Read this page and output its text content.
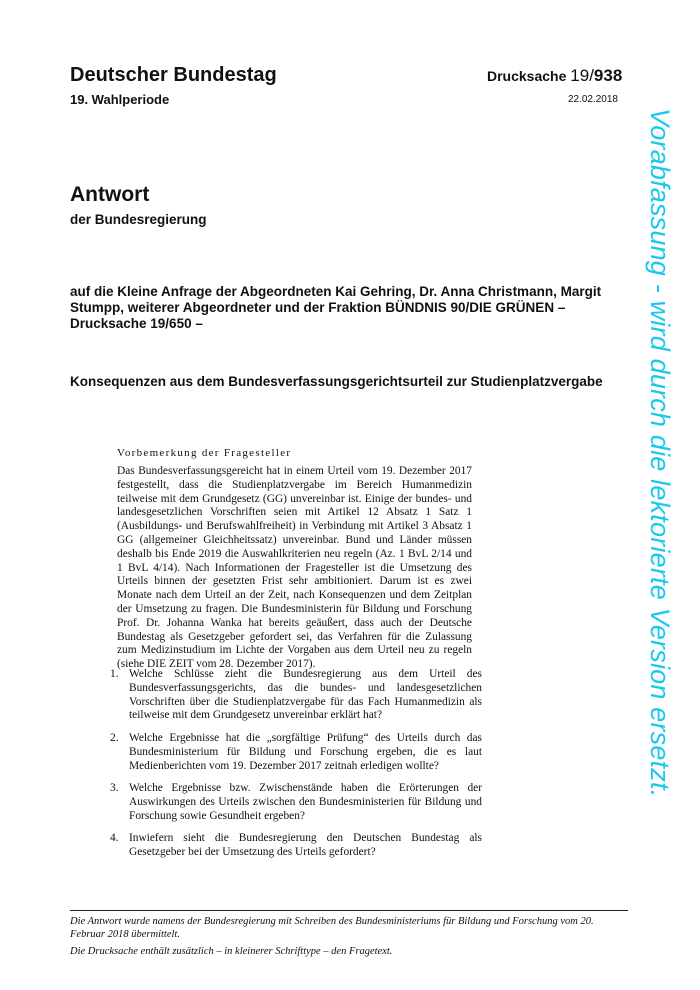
Deutscher Bundestag
19. Wahlperiode
Drucksache 19/938
22.02.2018
Antwort
der Bundesregierung
auf die Kleine Anfrage der Abgeordneten Kai Gehring, Dr. Anna Christmann, Margit Stumpp, weiterer Abgeordneter und der Fraktion BÜNDNIS 90/DIE GRÜNEN – Drucksache 19/650 –
Konsequenzen aus dem Bundesverfassungsgerichtsurteil zur Studienplatzvergabe
Vorbemerkung der Fragesteller
Das Bundesverfassungsgereicht hat in einem Urteil vom 19. Dezember 2017 festgestellt, dass die Studienplatzvergabe im Bereich Humanmedizin teilweise mit dem Grundgesetz (GG) unvereinbar ist. Einige der bundes- und landesgesetzlichen Vorschriften seien mit Artikel 12 Absatz 1 Satz 1 (Ausbildungs- und Berufswahlfreiheit) in Verbindung mit Artikel 3 Absatz 1 GG (allgemeiner Gleichheitssatz) unvereinbar. Bund und Länder müssen deshalb bis Ende 2019 die Auswahlkriterien neu regeln (Az. 1 BvL 2/14 und 1 BvL 4/14). Nach Informationen der Fragesteller ist die Umsetzung des Urteils binnen der gesetzten Frist sehr ambitioniert. Darum ist es zwei Monate nach dem Urteil an der Zeit, nach Konsequenzen und dem Zeitplan der Umsetzung zu fragen. Die Bundesministerin für Bildung und Forschung Prof. Dr. Johanna Wanka hat bereits geäußert, dass auch der Deutsche Bundestag als Gesetzgeber gefordert sei, das Verfahren für die Zulassung zum Medizinstudium im Lichte der Vorgaben aus dem Urteil neu zu regeln (siehe DIE ZEIT vom 28. Dezember 2017).
1. Welche Schlüsse zieht die Bundesregierung aus dem Urteil des Bundesverfassungsgerichts, das die bundes- und landesgesetzlichen Vorschriften über die Studienplatzvergabe für das Fach Humanmedizin als teilweise mit dem Grundgesetz unvereinbar erklärt hat?
2. Welche Ergebnisse hat die „sorgfältige Prüfung“ des Urteils durch das Bundesministerium für Bildung und Forschung ergeben, die es laut Medienberichten vom 19. Dezember 2017 zeitnah erledigen wollte?
3. Welche Ergebnisse bzw. Zwischenstände haben die Erörterungen der Auswirkungen des Urteils zwischen den Bundesministerien für Bildung und Forschung sowie Gesundheit ergeben?
4. Inwiefern sieht die Bundesregierung den Deutschen Bundestag als Gesetzgeber bei der Umsetzung des Urteils gefordert?
Die Antwort wurde namens der Bundesregierung mit Schreiben des Bundesministeriums für Bildung und Forschung vom 20. Februar 2018 übermittelt.
Die Drucksache enthält zusätzlich – in kleinerer Schrifttype – den Fragetext.
Vorabfassung - wird durch die lektorierte Version ersetzt.
